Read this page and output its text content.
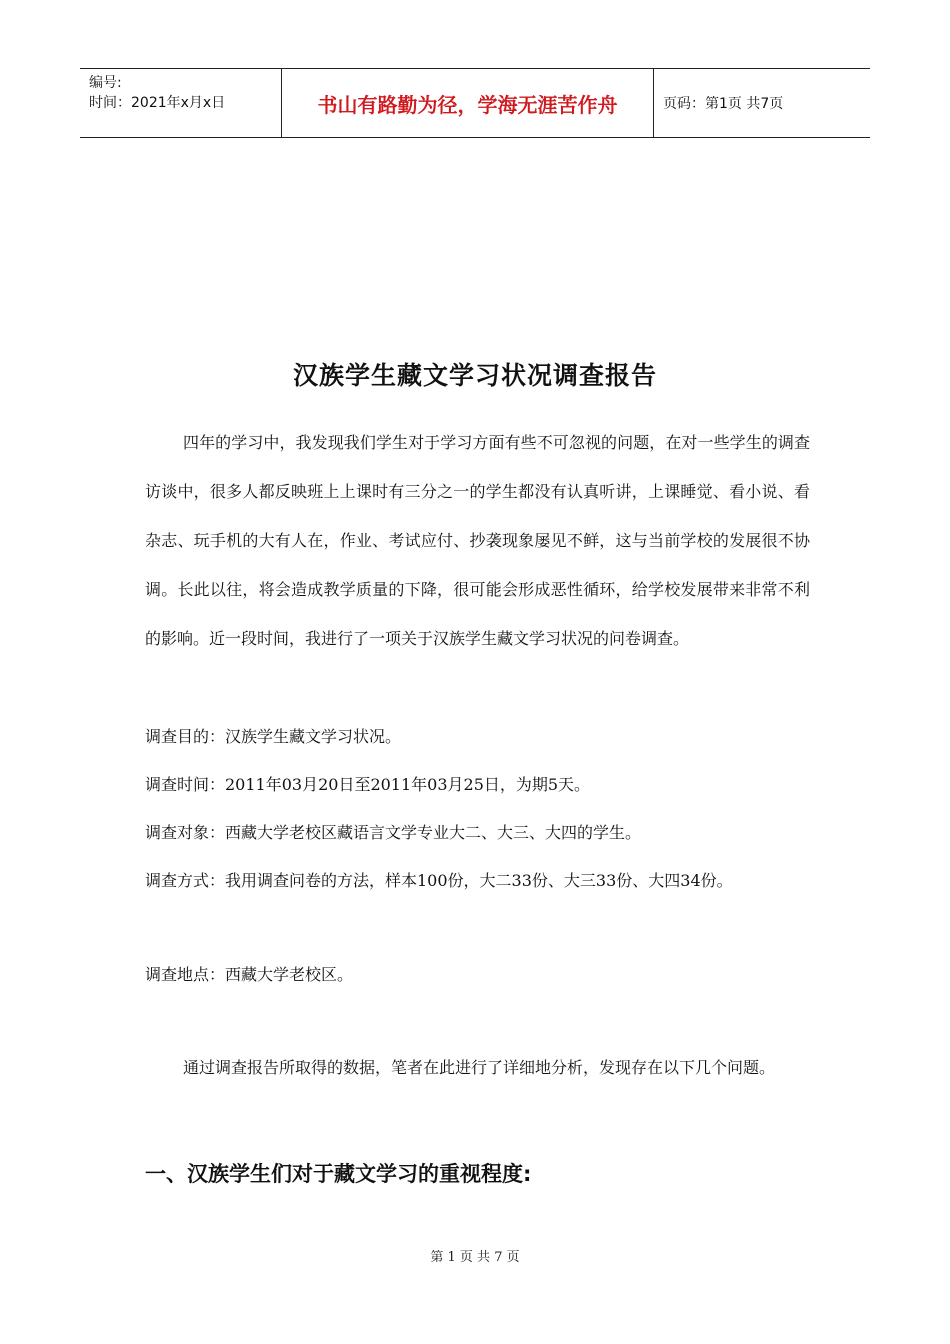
编号:
时间：2021年x月x日	书山有路勤为径，学海无涯苦作舟	页码：第1页 共7页
汉族学生藏文学习状况调查报告

四年的学习中，我发现我们学生对于学习方面有些不可忽视的问题，在对一些学生的调查访谈中，很多人都反映班上上课时有三分之一的学生都没有认真听讲，上课睡觉、看小说、看杂志、玩手机的大有人在，作业、考试应付、抄袭现象屡见不鲜，这与当前学校的发展很不协调。长此以往，将会造成教学质量的下降，很可能会形成恶性循环，给学校发展带来非常不利的影响。近一段时间，我进行了一项关于汉族学生藏文学习状况的问卷调查。

调查目的：汉族学生藏文学习状况。

调查时间：2011年03月20日至2011年03月25日，为期5天。

调查对象：西藏大学老校区藏语言文学专业大二、大三、大四的学生。

调查方式：我用调查问卷的方法，样本100份，大二33份、大三33份、大四34份。

调查地点：西藏大学老校区。

通过调查报告所取得的数据，笔者在此进行了详细地分析，发现存在以下几个问题。

一、汉族学生们对于藏文学习的重视程度:
第 1 页 共 7 页
